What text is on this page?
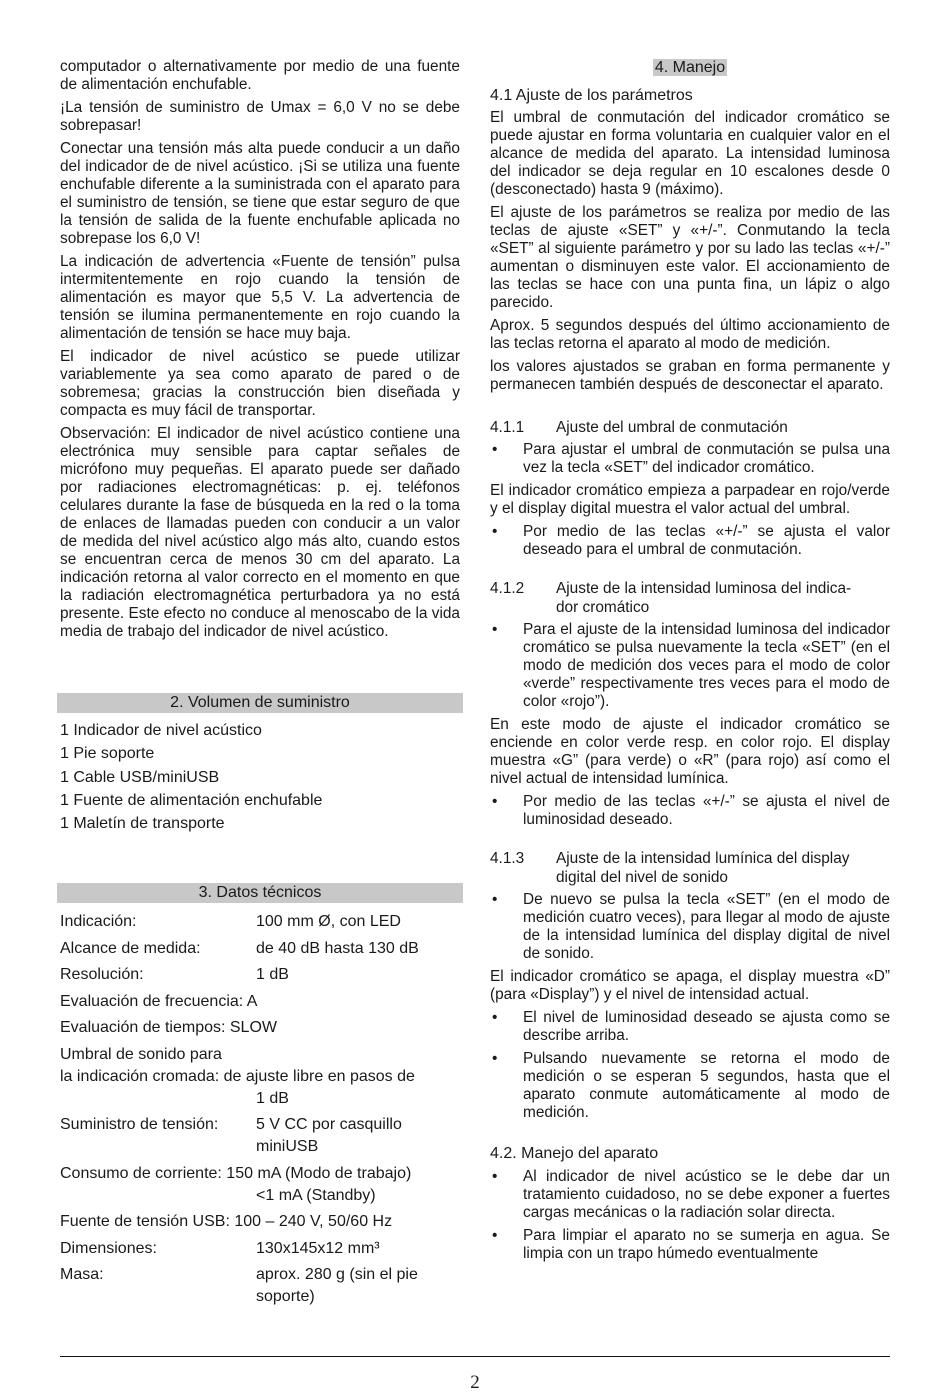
computador o alternativamente por medio de una fuente de alimentación enchufable.

¡La tensión de suministro de Umax = 6,0 V no se debe sobrepasar!

Conectar una tensión más alta puede conducir a un daño del indicador de de nivel acústico. ¡Si se utiliza una fuente enchufable diferente a la suministrada con el aparato para el suministro de tensión, se tiene que estar seguro de que la tensión de salida de la fuente enchufable aplicada no sobrepase los 6,0 V!

La indicación de advertencia «Fuente de tensión” pulsa intermitentemente en rojo cuando la tensión de alimentación es mayor que 5,5 V. La advertencia de tensión se ilumina permanentemente en rojo cuando la alimentación de tensión se hace muy baja.

El indicador de nivel acústico se puede utilizar variablemente ya sea como aparato de pared o de sobremesa; gracias la construcción bien diseñada y compacta es muy fácil de transportar.

Observación: El indicador de nivel acústico contiene una electrónica muy sensible para captar señales de micrófono muy pequeñas. El aparato puede ser dañado por radiaciones electromagnéticas: p. ej. teléfonos celulares durante la fase de búsqueda en la red o la toma de enlaces de llamadas pueden con conducir a un valor de medida del nivel acústico algo más alto, cuando estos se encuentran cerca de menos 30 cm del aparato. La indicación retorna al valor correcto en el momento en que la radiación electromagnética perturbadora ya no está presente. Este efecto no conduce al menoscabo de la vida media de trabajo del indicador de nivel acústico.

2. Volumen de suministro
1 Indicador de nivel acústico
1 Pie soporte
1 Cable USB/miniUSB
1 Fuente de alimentación enchufable
1 Maletín de transporte
3. Datos técnicos
Indicación:	100 mm Ø, con LED
Alcance de medida:	de 40 dB hasta 130 dB
Resolución:	1 dB
Evaluación de frecuencia: A
Evaluación de tiempos: SLOW
Umbral de sonido para
la indicación cromada: de ajuste libre en pasos de
1 dB
Suministro de tensión:	5 V CC por casquillo miniUSB
Consumo de corriente: 150 mA (Modo de trabajo)
<1 mA (Standby)
Fuente de tensión USB: 100 – 240 V, 50/60 Hz
Dimensiones:	130x145x12 mm³
Masa:	aprox. 280 g (sin el pie soporte)
4. Manejo
4.1 Ajuste de los parámetros

El umbral de conmutación del indicador cromático se puede ajustar en forma voluntaria en cualquier valor en el alcance de medida del aparato. La intensidad luminosa del indicador se deja regular en 10 escalones desde 0 (desconectado) hasta 9 (máximo).

El ajuste de los parámetros se realiza por medio de las teclas de ajuste «SET” y «+/-”. Conmutando la tecla «SET” al siguiente parámetro y por su lado las teclas «+/-” aumentan o disminuyen este valor. El accionamiento de las teclas se hace con una punta fina, un lápiz o algo parecido.

Aprox. 5 segundos después del último accionamiento de las teclas retorna el aparato al modo de medición.

los valores ajustados se graban en forma permanente y permanecen también después de desconectar el aparato.

4.1.1 Ajuste del umbral de conmutación
•	Para ajustar el umbral de conmutación se pulsa una vez la tecla «SET” del indicador cromático.

El indicador cromático empieza a parpadear en rojo/verde y el display digital muestra el valor actual del umbral.

•	Por medio de las teclas «+/-” se ajusta el valor deseado para el umbral de conmutación.
4.1.2 Ajuste de la intensidad luminosa del indica-
dor cromático
•	Para el ajuste de la intensidad luminosa del indicador cromático se pulsa nuevamente la tecla «SET” (en el modo de medición dos veces para el modo de color «verde” respectivamente tres veces para el modo de color «rojo”).

En este modo de ajuste el indicador cromático se enciende en color verde resp. en color rojo. El display muestra «G” (para verde) o «R” (para rojo) así como el nivel actual de intensidad lumínica.

•	Por medio de las teclas «+/-” se ajusta el nivel de luminosidad deseado.
4.1.3 Ajuste de la intensidad lumínica del display
digital del nivel de sonido
•	De nuevo se pulsa la tecla «SET” (en el modo de medición cuatro veces), para llegar al modo de ajuste de la intensidad lumínica del display digital de nivel de sonido.

El indicador cromático se apaga, el display muestra «D” (para «Display”) y el nivel de intensidad actual.

•	El nivel de luminosidad deseado se ajusta como se describe arriba.
•	Pulsando nuevamente se retorna el modo de medición o se esperan 5 segundos, hasta que el aparato conmute automáticamente al modo de medición.
4.2. Manejo del aparato
•	Al indicador de nivel acústico se le debe dar un tratamiento cuidadoso, no se debe exponer a fuertes cargas mecánicas o la radiación solar directa.
•	Para limpiar el aparato no se sumerja en agua. Se limpia con un trapo húmedo eventualmente
2
